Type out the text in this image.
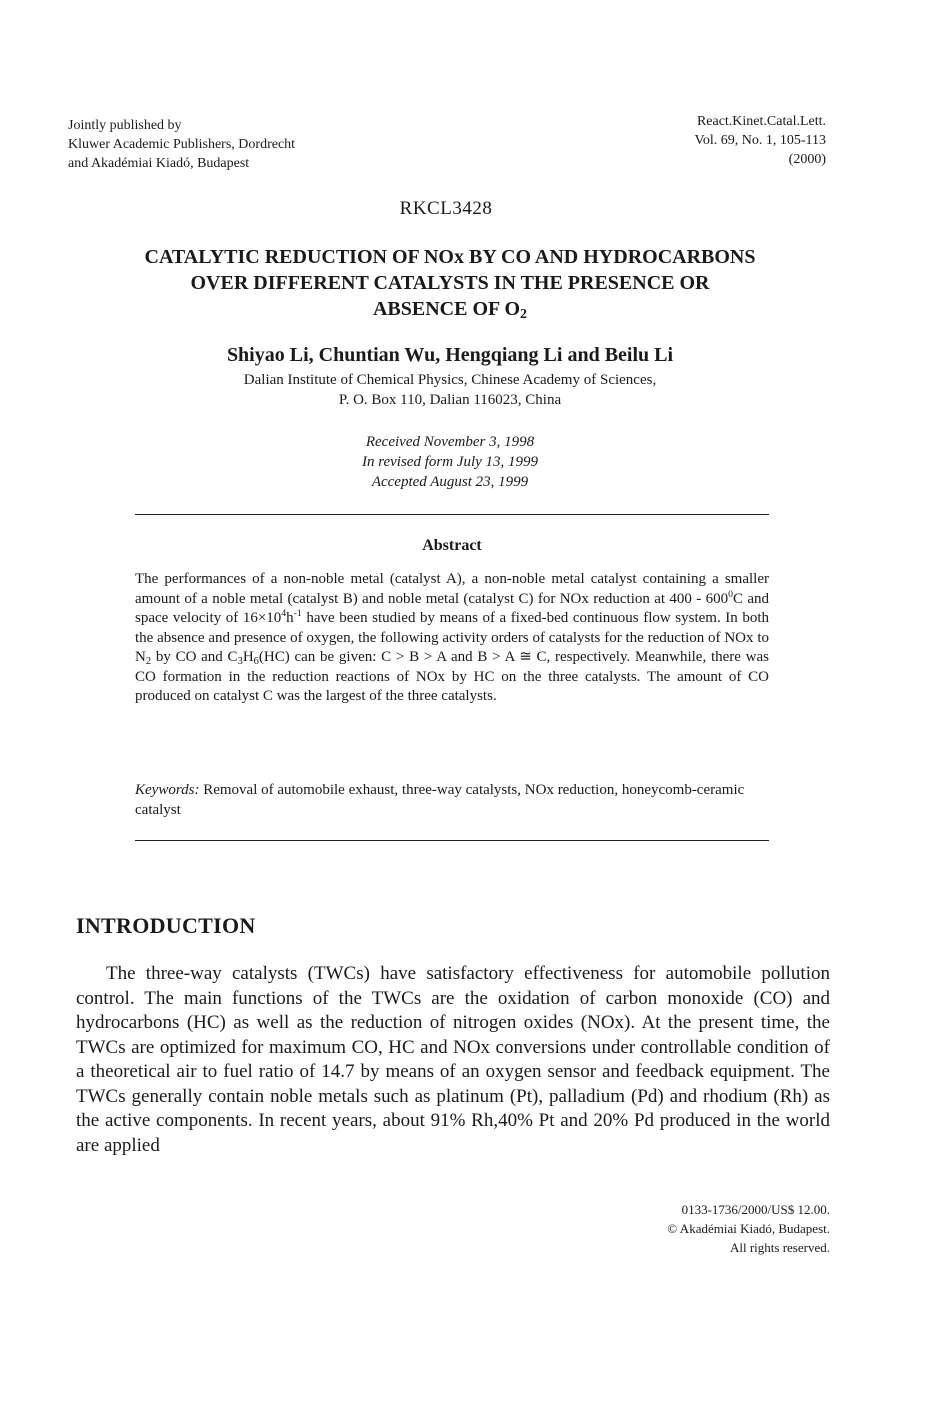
Jointly published by
Kluwer Academic Publishers, Dordrecht
and Akadémiai Kiadó, Budapest
React.Kinet.Catal.Lett.
Vol. 69, No. 1, 105-113
(2000)
RKCL3428
CATALYTIC REDUCTION OF NOx BY CO AND HYDROCARBONS
OVER DIFFERENT CATALYSTS IN THE PRESENCE OR
ABSENCE OF $O_2$
Shiyao Li, Chuntian Wu, Hengqiang Li and Beilu Li
Dalian Institute of Chemical Physics, Chinese Academy of Sciences,
P. O. Box 110, Dalian 116023, China
Received November 3, 1998
In revised form July 13, 1999
Accepted August 23, 1999
Abstract
The performances of a non-noble metal (catalyst A), a non-noble metal catalyst containing a smaller amount of a noble metal (catalyst B) and noble metal (catalyst C) for NOx reduction at $400 - 600^0C$ and space velocity of $16\times 10^4h^{-1}$ have been studied by means of a fixed-bed continuous flow system. In both the absence and presence of oxygen, the following activity orders of catalysts for the reduction of NOx to $N_2$ by CO and $C_3H_6(HC)$ can be given: C > B > A and B > A ≅ C, respectively. Meanwhile, there was CO formation in the reduction reactions of NOx by HC on the three catalysts. The amount of CO produced on catalyst C was the largest of the three catalysts.
Keywords: Removal of automobile exhaust, three-way catalysts, NOx reduction, honeycomb-ceramic catalyst
INTRODUCTION
The three-way catalysts (TWCs) have satisfactory effectiveness for automobile pollution control. The main functions of the TWCs are the oxidation of carbon monoxide (CO) and hydrocarbons (HC) as well as the reduction of nitrogen oxides (NOx). At the present time, the TWCs are optimized for maximum CO, HC and NOx conversions under controllable condition of a theoretical air to fuel ratio of 14.7 by means of an oxygen sensor and feedback equipment. The TWCs generally contain noble metals such as platinum (Pt), palladium (Pd) and rhodium (Rh) as the active components. In recent years, about 91% Rh,40% Pt and 20% Pd produced in the world are applied
0133-1736/2000/US$ 12.00.
© Akadémiai Kiadó, Budapest.
All rights reserved.
